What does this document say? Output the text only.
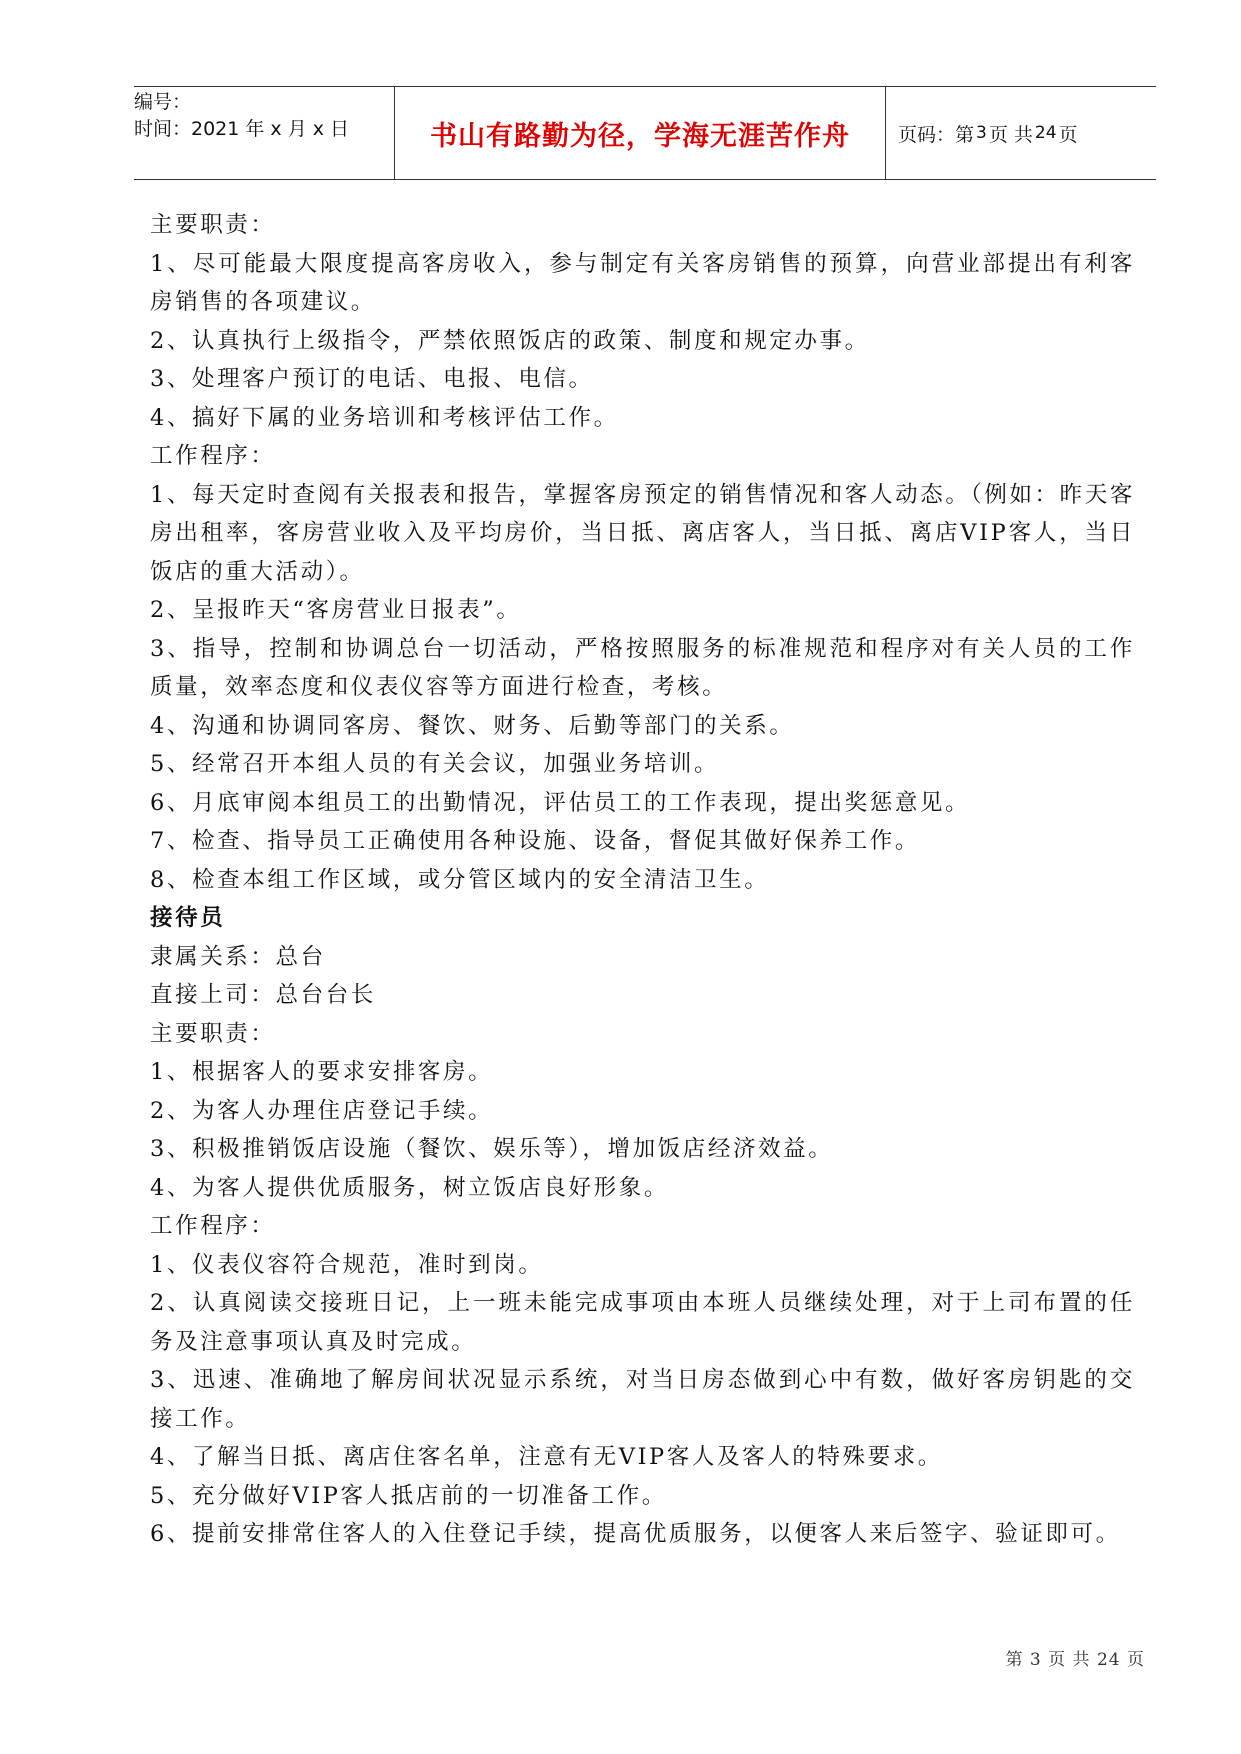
编号：
时间：2021 年 x 月 x 日	书山有路勤为径，学海无涯苦作舟	页码：第 3 页 共 24 页

主要职责：

1、尽可能最大限度提高客房收入，参与制定有关客房销售的预算，向营业部提出有利客房销售的各项建议。

2、认真执行上级指令，严禁依照饭店的政策、制度和规定办事。

3、处理客户预订的电话、电报、电信。

4、搞好下属的业务培训和考核评估工作。

工作程序：

1、每天定时查阅有关报表和报告，掌握客房预定的销售情况和客人动态。（例如：昨天客房出租率，客房营业收入及平均房价，当日抵、离店客人，当日抵、离店VIP客人，当日饭店的重大活动）。

2、呈报昨天“客房营业日报表”。

3、指导，控制和协调总台一切活动，严格按照服务的标准规范和程序对有关人员的工作质量，效率态度和仪表仪容等方面进行检查，考核。

4、沟通和协调同客房、餐饮、财务、后勤等部门的关系。

5、经常召开本组人员的有关会议，加强业务培训。

6、月底审阅本组员工的出勤情况，评估员工的工作表现，提出奖惩意见。

7、检查、指导员工正确使用各种设施、设备，督促其做好保养工作。

8、检查本组工作区域，或分管区域内的安全清洁卫生。

接待员

隶属关系：总台

直接上司：总台台长

主要职责：

1、根据客人的要求安排客房。

2、为客人办理住店登记手续。

3、积极推销饭店设施（餐饮、娱乐等），增加饭店经济效益。

4、为客人提供优质服务，树立饭店良好形象。

工作程序：

1、仪表仪容符合规范，准时到岗。

2、认真阅读交接班日记，上一班未能完成事项由本班人员继续处理，对于上司布置的任务及注意事项认真及时完成。

3、迅速、准确地了解房间状况显示系统，对当日房态做到心中有数，做好客房钥匙的交接工作。

4、了解当日抵、离店住客名单，注意有无VIP客人及客人的特殊要求。

5、充分做好VIP客人抵店前的一切准备工作。

6、提前安排常住客人的入住登记手续，提高优质服务，以便客人来后签字、验证即可。

第 3 页 共 24 页
